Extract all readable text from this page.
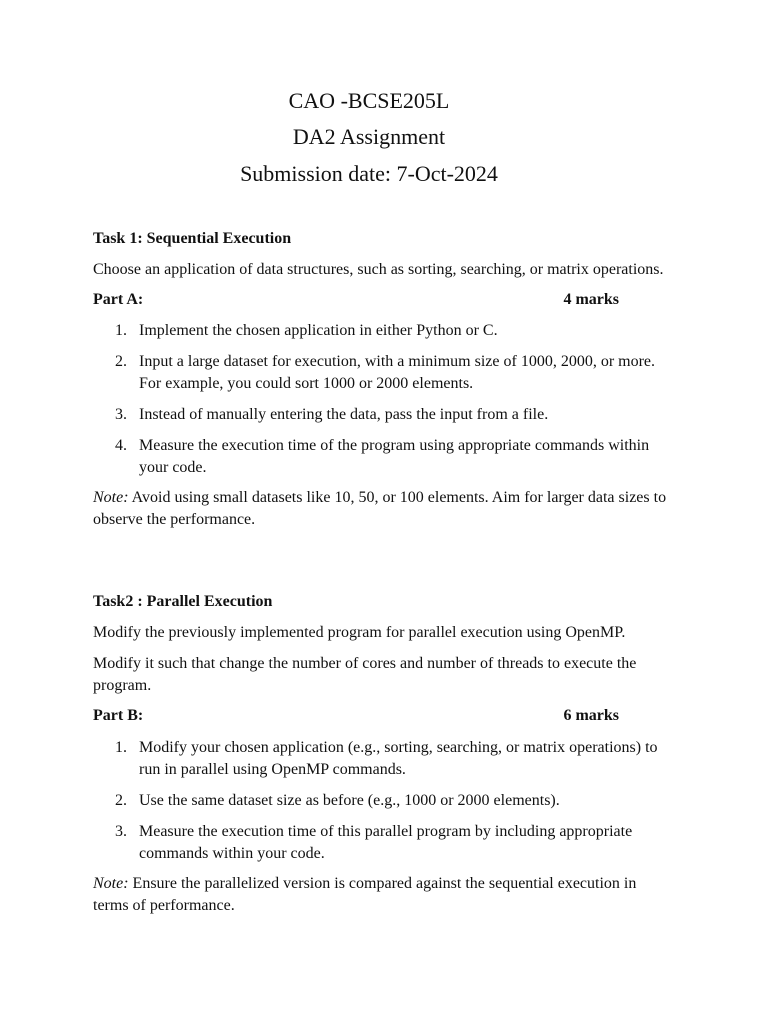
CAO -BCSE205L
DA2 Assignment
Submission date: 7-Oct-2024

Task 1: Sequential Execution

Choose an application of data structures, such as sorting, searching, or matrix operations.

Part A:	4 marks
1. Implement the chosen application in either Python or C.
2. Input a large dataset for execution, with a minimum size of 1000, 2000, or more. For example, you could sort 1000 or 2000 elements.
3. Instead of manually entering the data, pass the input from a file.
4. Measure the execution time of the program using appropriate commands within your code.

Note: Avoid using small datasets like 10, 50, or 100 elements. Aim for larger data sizes to observe the performance.

Task2 : Parallel Execution

Modify the previously implemented program for parallel execution using OpenMP.

Modify it such that change the number of cores and number of threads to execute the program.

Part B:	6 marks
1. Modify your chosen application (e.g., sorting, searching, or matrix operations) to run in parallel using OpenMP commands.
2. Use the same dataset size as before (e.g., 1000 or 2000 elements).
3. Measure the execution time of this parallel program by including appropriate commands within your code.

Note: Ensure the parallelized version is compared against the sequential execution in terms of performance.
